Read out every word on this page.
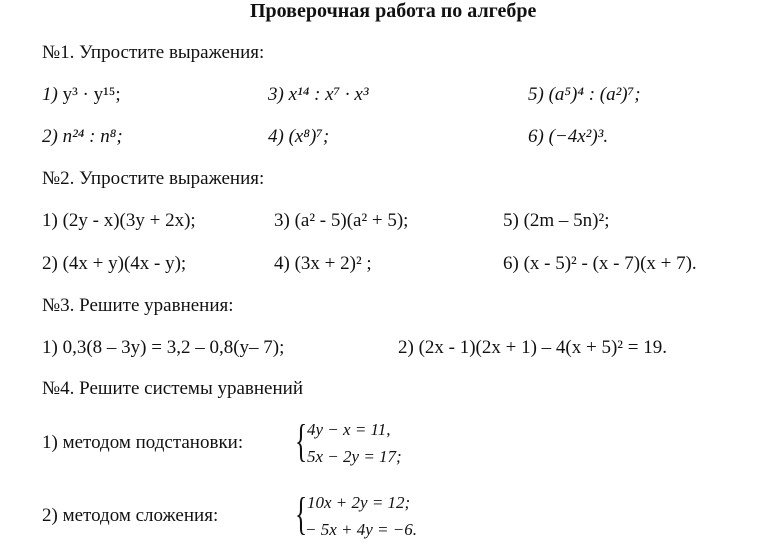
Проверочная работа по алгебре
№1. Упростите выражения:
1) y³ · y¹⁵;	3) x¹⁴ : x⁷ · x³	5) (a⁵)⁴ : (a²)⁷;
2) n²⁴ : n⁸;	4) (x⁸)⁷;	6) (−4x²)³.
№2. Упростите выражения:
1) (2y - x)(3y + 2x);	3) (a² - 5)(a² + 5);	5) (2m – 5n)²;
2) (4x + y)(4x - y);	4) (3x + 2)² ;	6) (x - 5)² - (x - 7)(x + 7).
№3. Решите уравнения:
1) 0,3(8 – 3y) = 3,2 – 0,8(y– 7);	2) (2x - 1)(2x + 1) – 4(x + 5)² = 19.
№4. Решите системы уравнений
1) методом подстановки: { 4y − x = 11,
5x − 2y = 17;
2) методом сложения: { 10x + 2y = 12;
− 5x + 4y = −6.
